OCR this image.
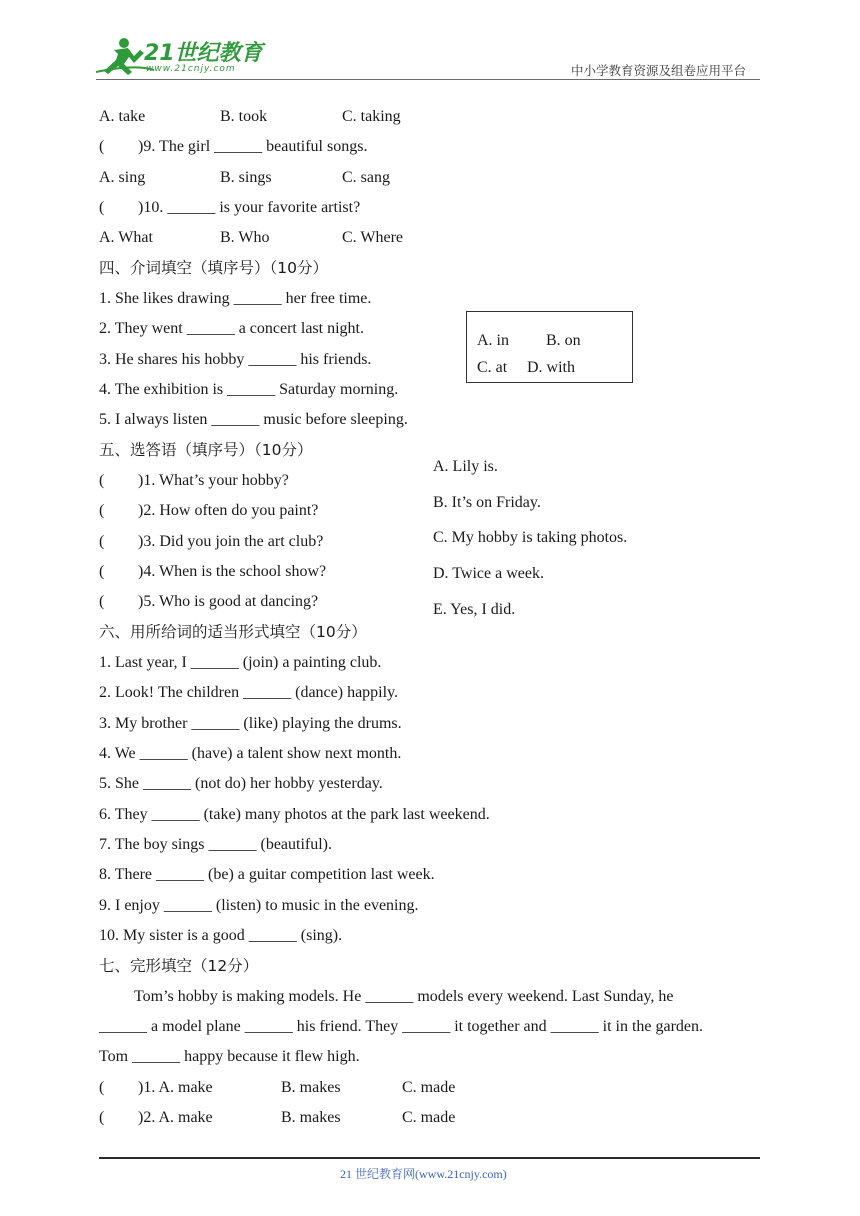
21世纪教育
www.21cnjy.com	中小学教育资源及组卷应用平台
A. take	B. took	C. taking
( )9. The girl ______ beautiful songs.
A. sing	B. sings	C. sang
( )10. ______ is your favorite artist?
A. What	B. Who	C. Where
四、介词填空（填序号）（10分）
1. She likes drawing ______ her free time.
2. They went ______ a concert last night.
3. He shares his hobby ______ his friends.
4. The exhibition is ______ Saturday morning.
5. I always listen ______ music before sleeping.
A. in B. on
C. at D. with
五、选答语（填序号）（10分）
( )1. What’s your hobby?
( )2. How often do you paint?
( )3. Did you join the art club?
( )4. When is the school show?
( )5. Who is good at dancing?
A. Lily is.
B. It’s on Friday.
C. My hobby is taking photos.
D. Twice a week.
E. Yes, I did.
六、用所给词的适当形式填空（10分）
1. Last year, I ______ (join) a painting club.
2. Look! The children ______ (dance) happily.
3. My brother ______ (like) playing the drums.
4. We ______ (have) a talent show next month.
5. She ______ (not do) her hobby yesterday.
6. They ______ (take) many photos at the park last weekend.
7. The boy sings ______ (beautiful).
8. There ______ (be) a guitar competition last week.
9. I enjoy ______ (listen) to music in the evening.
10. My sister is a good ______ (sing).
七、完形填空（12分）
Tom’s hobby is making models. He ______ models every weekend. Last Sunday, he
______ a model plane ______ his friend. They ______ it together and ______ it in the garden.
Tom ______ happy because it flew high.
( )1. A. make	B. makes	C. made
( )2. A. make	B. makes	C. made
21 世纪教育网(www.21cnjy.com)
